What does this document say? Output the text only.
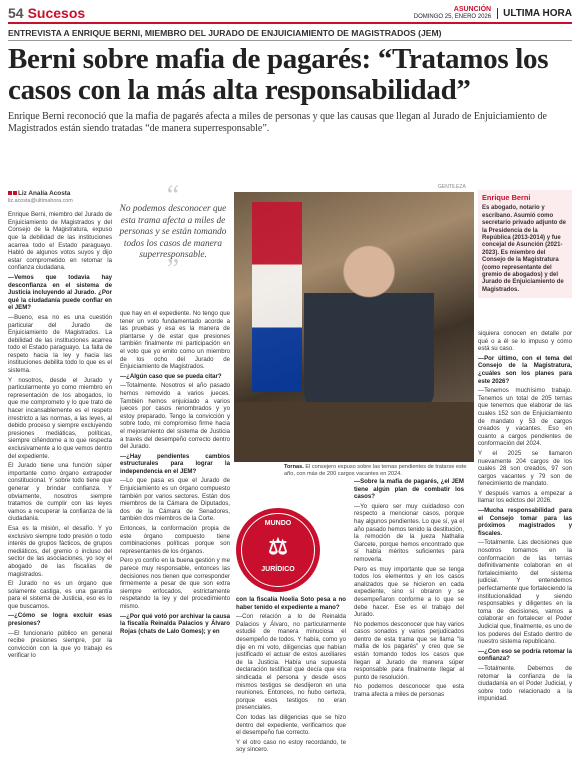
54 Sucesos	ASUNCIÓN
DOMINGO 25, ENERO 2026	ULTIMA HORA
ENTREVISTA A ENRIQUE BERNI, MIEMBRO DEL JURADO DE ENJUICIAMIENTO DE MAGISTRADOS (JEM)
Berni sobre mafia de pagarés: “Tratamos los casos con la más alta responsabilidad”

Enrique Berni reconoció que la mafia de pagarés afecta a miles de personas y que las causas que llegan al Jurado de Enjuiciamiento de Magistrados están siendo tratadas “de manera superresponsable”.

Liz Analía Acosta
liz.acosta@ultimahora.com

Enrique Berni, miembro del Jurado de Enjuiciamiento de Magistrados y del Consejo de la Magistratura, expuso que la debilidad de las instituciones acarrea todo el Estado paraguayo. Habló de algunos votos suyos y dijo estar comprometido en retomar la confianza ciudadana.

—Vemos que todavía hay desconfianza en el sistema de Justicia incluyendo al Jurado. ¿Por qué la ciudadanía puede confiar en el JEM?

—Bueno, esa no es una cuestión particular del Jurado de Enjuiciamiento de Magistrados. La debilidad de las instituciones acarrea todo el Estado paraguayo. La falta de respeto hacia la ley y hacia las instituciones debilita todo lo que es el sistema.

Y nosotros, desde el Jurado y particularmente yo como miembro en representación de los abogados, lo que me comprometo y lo que trato de hacer incansablemente es el respeto irrestricto a las normas, a las leyes, al debido proceso y siempre excluyendo presiones mediáticas, políticas, siempre ciñéndome a lo que respecta exclusivamente a lo que vemos dentro del expediente.

El Jurado tiene una función súper importante como órgano extrapoder constitucional. Y sobre todo tiene que generar y brindar confianza. Y obviamente, nosotros siempre tratamos de cumplir con las leyes vamos a recuperar la confianza de la ciudadanía.

Esa es la misión, el desafío. Y yo exclusivo siempre todo presión o todo interés de grupos fácticos, de grupos mediáticos, del gremio o incluso del sector de las asociaciones, yo soy el abogado de las fiscalías de magistrados.

El Jurado no es un órgano que solamente castiga, es una garantía para el sistema de Justicia, eso es lo que buscamos.

—¿Cómo se logra excluir esas presiones?

—El funcionario público en general recibe presiones siempre, por la convicción con la que yo trabajo es verificar lo

“
No podemos desconocer que esta trama afecta a miles de personas y se están tomando todos los casos de manera superresponsable.
”

que hay en el expediente. No tengo que tener un voto fundamentado acorde a las pruebas y esa es la manera de plantarse y de estar que presiones también finalmente mi participación en el voto que yo emito como un miembro de los ocho del Jurado de Enjuiciamiento de Magistrados.

—¿Algún caso que se pueda citar?

—Totalmente. Nosotros el año pasado hemos removido a varios jueces. También hemos enjuiciado a varios jueces por casos renombrados y yo estoy preparado. Tengo la convicción y sobre todo, mi compromiso firme hacia el mejoramiento del sistema de Justicia a través del desempeño correcto dentro del Jurado.

—¿Hay pendientes cambios estructurales para lograr la independencia en el JEM?

—Lo que pasa es que el Jurado de Enjuiciamiento es un órgano compuesto también por varios sectores. Están dos miembros de la Cámara de Diputados, dos de la Cámara de Senadores, también dos miembros de la Corte.

Entonces, la conformación propia de este órgano compuesto tiene combinaciones políticas porque son representantes de los órganos.

Pero yo confío en la buena gestión y me parece muy responsable, entonces las decisiones nos tienen que corresponder firmemente a pesar de que son extra siempre enfocados, estrictamente respetando la ley y del procedimiento mismo.

—¿Por qué votó por archivar la causa la fiscalía Reinalda Palacios y Álvaro Rojas (chats de Lalo Gomes); y en

GENTILEZA
Tornas. El consejero expuso sobre las ternas pendientes de tratarse este año, con más de 200 cargos vacantes en 2024.
MUNDO
⚖
JURÍDICO

con la fiscalía Noelia Soto pesa a no haber tenido el expediente a mano?

—Con relación a lo de Reinalda Palacios y Álvaro, no particularmente estudié de manera minuciosa el desempeño de todos. Y había, como yo dije en mi voto, diligencias que habían justificado el actuar de estos auxiliares de la Justicia. Había una supuesta declaración testifical que decía que era sindicada el persona y desde esos mismos testigos se desdijeron en una reuniones. Entonces, no hubo certeza, porque esos testigos no eran presenciales.

Con todas las diligencias que se hizo dentro del expediente, verificamos que el desempeño fue correcto.

Y el otro caso no estoy recordando, te soy sincero.

—Sobre la mafia de pagarés, ¿el JEM tiene algún plan de combatir los casos?

—Yo quiero ser muy cuidadoso con respecto a mencionar casos, porque hay algunos pendientes. Lo que sí, ya el año pasado hemos tenido la destitución, la remoción de la jueza Nathalia Garcete, porque hemos encontrado que sí había méritos suficientes para removerla.

Pero es muy importante que se tenga todos los elementos y en los casos analizados que se hicieron en cada expediente, sino sí obraron y se desempeñaron conforme a lo que se debe hacer. Ese es el trabajo del Jurado.

No podemos desconocer que hay varios casos sonados y varios perjudicados dentro de esta trama que se llama "la mafia de los pagarés" y creo que se están tomando todos los casos que llegan al Jurado de manera súper responsable para finalmente llegar al punto de resolución.

No podemos desconocer que esta trama afecta a miles de personas

Enrique Berni

Es abogado, notario y escribano. Asumió como secretario privado adjunto de la Presidencia de la República (2013-2014) y fue concejal de Asunción (2021-2023). Es miembro del Consejo de la Magistratura (como representante del gremio de abogados) y del Jurado de Enjuiciamiento de Magistrados.

siquiera conocen en detalle por qué o a él se lo impuso y cómo está su caso.

—Por último, con el tema del Consejo de la Magistratura, ¿cuáles son los planes para este 2026?

—Tenemos muchísimo trabajo. Tenemos un total de 205 ternas que tenemos que elaborar de las cuales 152 son de Enjuiciamiento de mandato y 53 de cargos creados y vacantes. Eso en cuanto a cargos pendientes de conformación del 2024.

Y el 2025 se llamaron nuevamente 204 cargos de los cuales 28 son creados, 97 son cargos vacantes y 79 son de fenecimiento de mandato.

Y después vamos a empezar a llamar los edictos del 2026.

—Mucha responsabilidad para el Consejo tomar para las próximos magistrados y fiscales.

—Totalmente. Las decisiones que nosotros tomamos en la conformación de las ternas definitivamente colaboran en el fortalecimiento del sistema judicial. Y entendemos perfectamente que fortaleciendo la institucionalidad y siendo responsables y diligentes en la toma de decisiones, vamos a colaborar en fortalecer el Poder Judicial que, finalmente, es uno de los poderes del Estado dentro de nuestro sistema republicano.

—¿Con eso se podría retomar la confianza?

—Totalmente. Debemos de retomar la confianza de la ciudadanía en el Poder Judicial, y sobre todo relacionado a la impunidad.
